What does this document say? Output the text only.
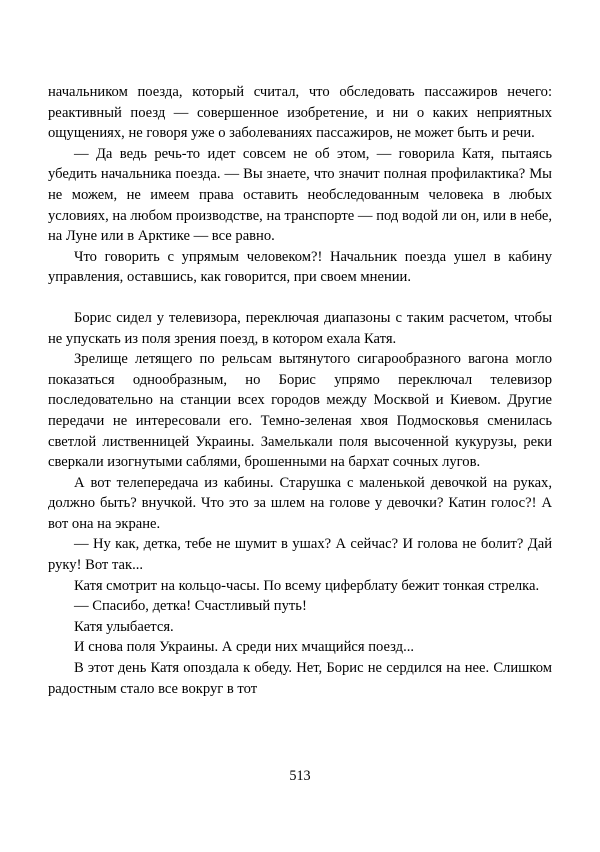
начальником поезда, который считал, что обследовать пассажиров нечего: реактивный поезд — совершенное изобретение, и ни о каких неприятных ощущениях, не говоря уже о заболеваниях пассажиров, не может быть и речи.

— Да ведь речь-то идет совсем не об этом, — говорила Катя, пытаясь убедить начальника поезда. — Вы знаете, что значит полная профилактика? Мы не можем, не имеем права оставить необследованным человека в любых условиях, на любом производстве, на транспорте — под водой ли он, или в небе, на Луне или в Арктике — все равно.

Что говорить с упрямым человеком?! Начальник поезда ушел в кабину управления, оставшись, как говорится, при своем мнении.

Борис сидел у телевизора, переключая диапазоны с таким расчетом, чтобы не упускать из поля зрения поезд, в котором ехала Катя.

Зрелище летящего по рельсам вытянутого сигарообразного вагона могло показаться однообразным, но Борис упрямо переключал телевизор последовательно на станции всех городов между Москвой и Киевом. Другие передачи не интересовали его. Темно-зеленая хвоя Подмосковья сменилась светлой лиственницей Украины. Замелькали поля высоченной кукурузы, реки сверкали изогнутыми саблями, брошенными на бархат сочных лугов.

А вот телепередача из кабины. Старушка с маленькой девочкой на руках, должно быть? внучкой. Что это за шлем на голове у девочки? Катин голос?! А вот она на экране.

— Ну как, детка, тебе не шумит в ушах? А сейчас? И голова не болит? Дай руку! Вот так...

Катя смотрит на кольцо-часы. По всему циферблату бежит тонкая стрелка.

— Спасибо, детка! Счастливый путь!

Катя улыбается.

И снова поля Украины. А среди них мчащийся поезд...

В этот день Катя опоздала к обеду. Нет, Борис не сердился на нее. Слишком радостным стало все вокруг в тот

513
